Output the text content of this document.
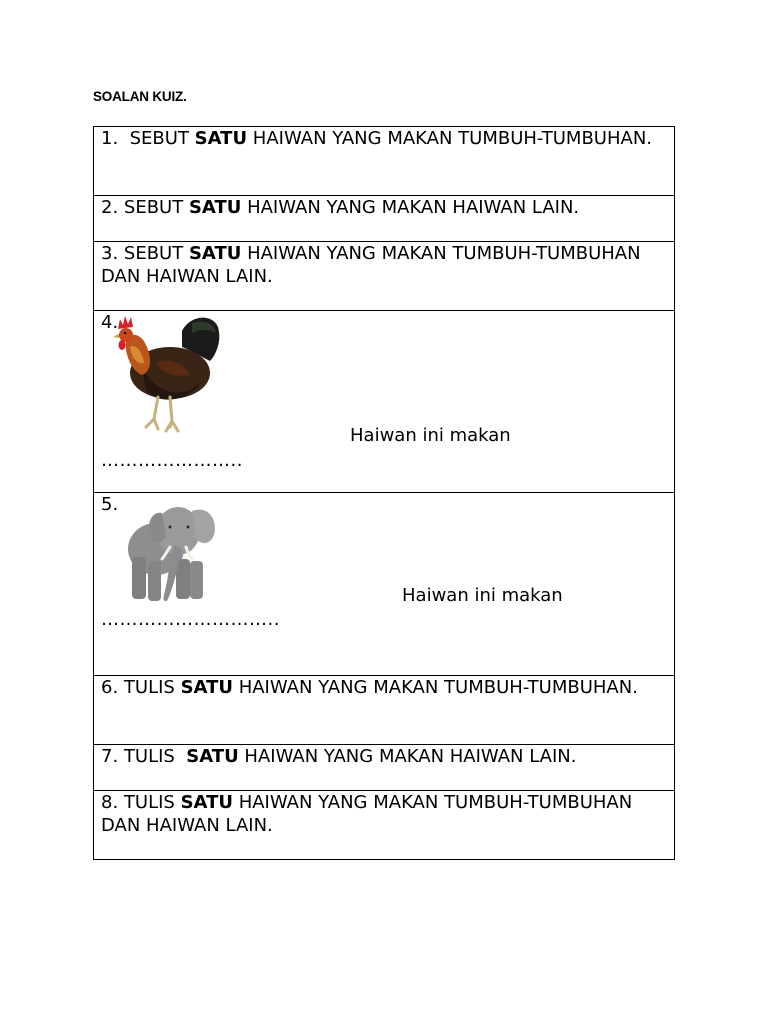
SOALAN KUIZ.
1.  SEBUT SATU HAIWAN YANG MAKAN TUMBUH-TUMBUHAN.

2. SEBUT SATU HAIWAN YANG MAKAN HAIWAN LAIN.

3. SEBUT SATU HAIWAN YANG MAKAN TUMBUH-TUMBUHAN DAN HAIWAN LAIN.

4.
Haiwan ini makan
…………………..

5.
Haiwan ini makan
………………………..

6. TULIS SATU HAIWAN YANG MAKAN TUMBUH-TUMBUHAN.

7. TULIS  SATU HAIWAN YANG MAKAN HAIWAN LAIN.

8. TULIS SATU HAIWAN YANG MAKAN TUMBUH-TUMBUHAN DAN HAIWAN LAIN.
